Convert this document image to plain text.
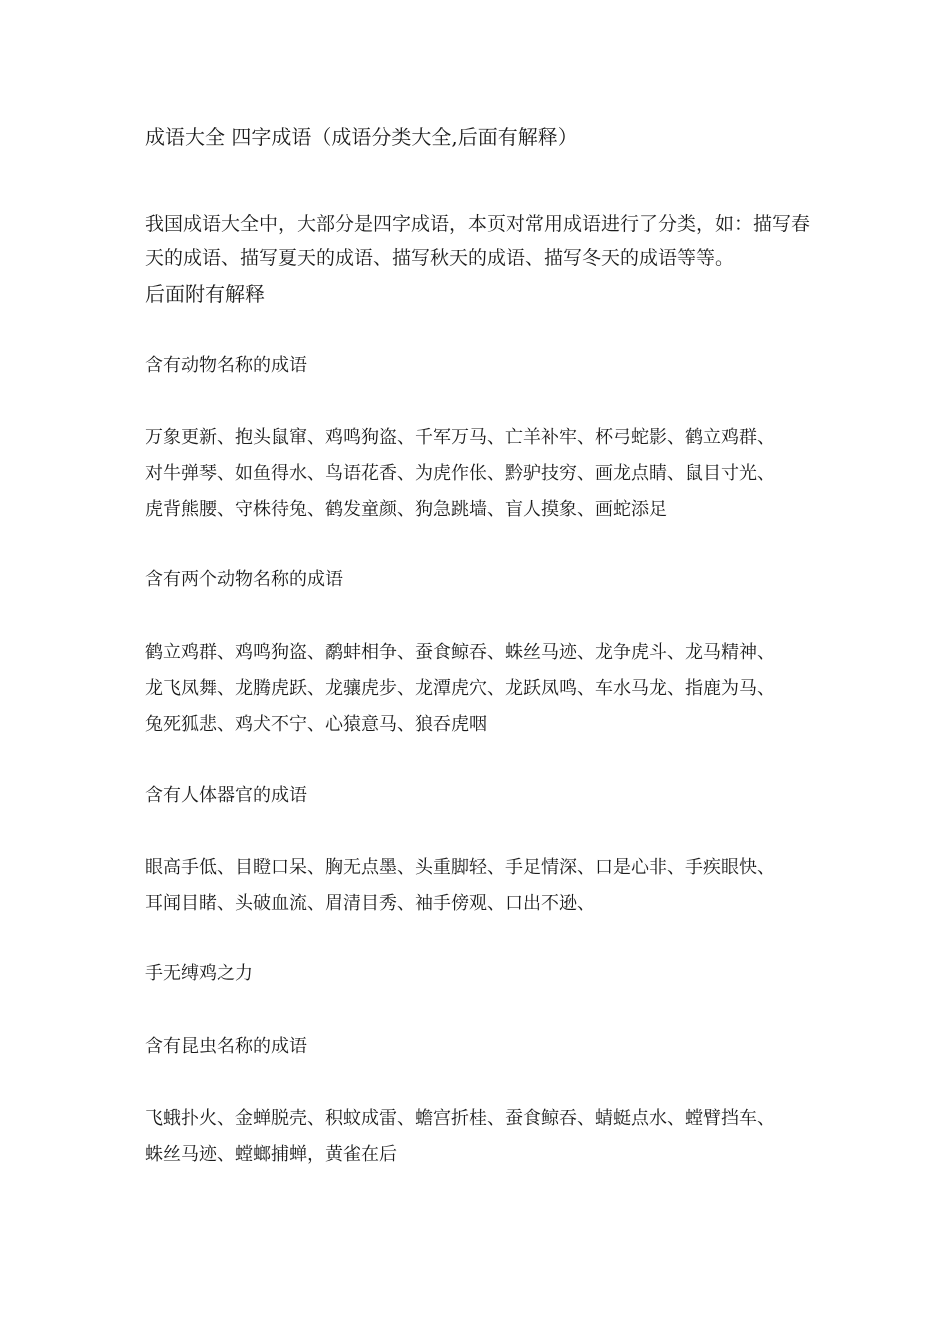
成语大全 四字成语（成语分类大全,后面有解释）

我国成语大全中，大部分是四字成语，本页对常用成语进行了分类，如：描写春天的成语、描写夏天的成语、描写秋天的成语、描写冬天的成语等等。

后面附有解释
含有动物名称的成语
万象更新、抱头鼠窜、鸡鸣狗盗、千军万马、亡羊补牢、杯弓蛇影、鹤立鸡群、
对牛弹琴、如鱼得水、鸟语花香、为虎作伥、黔驴技穷、画龙点睛、鼠目寸光、
虎背熊腰、守株待兔、鹤发童颜、狗急跳墙、盲人摸象、画蛇添足
含有两个动物名称的成语
鹤立鸡群、鸡鸣狗盗、鹬蚌相争、蚕食鲸吞、蛛丝马迹、龙争虎斗、龙马精神、
龙飞凤舞、龙腾虎跃、龙骧虎步、龙潭虎穴、龙跃凤鸣、车水马龙、指鹿为马、
兔死狐悲、鸡犬不宁、心猿意马、狼吞虎咽
含有人体器官的成语
眼高手低、目瞪口呆、胸无点墨、头重脚轻、手足情深、口是心非、手疾眼快、
耳闻目睹、头破血流、眉清目秀、袖手傍观、口出不逊、
手无缚鸡之力
含有昆虫名称的成语
飞蛾扑火、金蝉脱壳、积蚊成雷、蟾宫折桂、蚕食鲸吞、蜻蜓点水、螳臂挡车、
蛛丝马迹、螳螂捕蝉，黄雀在后
